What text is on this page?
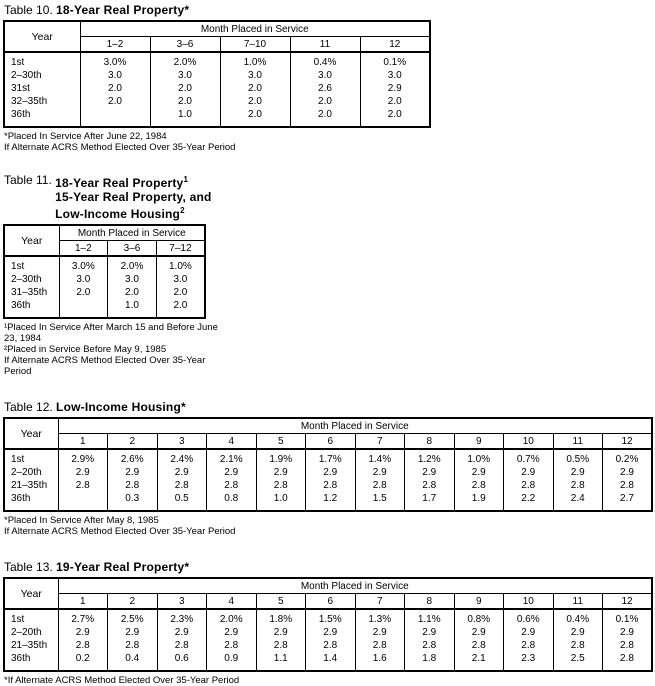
Table 10. 18-Year Real Property*
Year	Month Placed in Service				
	1–2	3–6	7–10	11	12
1st	3.0%	2.0%	1.0%	0.4%	0.1%
2–30th	3.0	3.0	3.0	3.0	3.0
31st	2.0	2.0	2.0	2.6	2.9
32–35th	2.0	2.0	2.0	2.0	2.0
36th		1.0	2.0	2.0	2.0
*Placed In Service After June 22, 1984
If Alternate ACRS Method Elected Over 35-Year Period
Table 11. 18-Year Real Property$^1$
15-Year Real Property, and
Low-Income Housing$^2$
Year	Month Placed in Service		
	1–2	3–6	7–12
1st	3.0%	2.0%	1.0%
2–30th	3.0	3.0	3.0
31–35th	2.0	2.0	2.0
36th		1.0	2.0
¹Placed In Service After March 15 and Before June 23, 1984
²Placed in Service Before May 9, 1985
If Alternate ACRS Method Elected Over 35-Year Period
Table 12. Low-Income Housing*
Year	Month Placed in Service											
	1	2	3	4	5	6	7	8	9	10	11	12
1st	2.9%	2.6%	2.4%	2.1%	1.9%	1.7%	1.4%	1.2%	1.0%	0.7%	0.5%	0.2%
2–20th	2.9	2.9	2.9	2.9	2.9	2.9	2.9	2.9	2.9	2.9	2.9	2.9
21–35th	2.8	2.8	2.8	2.8	2.8	2.8	2.8	2.8	2.8	2.8	2.8	2.8
36th		0.3	0.5	0.8	1.0	1.2	1.5	1.7	1.9	2.2	2.4	2.7
*Placed In Service After May 8, 1985
If Alternate ACRS Method Elected Over 35-Year Period
Table 13. 19-Year Real Property*
Year	Month Placed in Service											
	1	2	3	4	5	6	7	8	9	10	11	12
1st	2.7%	2.5%	2.3%	2.0%	1.8%	1.5%	1.3%	1.1%	0.8%	0.6%	0.4%	0.1%
2–20th	2.9	2.9	2.9	2.9	2.9	2.9	2.9	2.9	2.9	2.9	2.9	2.9
21–35th	2.8	2.8	2.8	2.8	2.8	2.8	2.8	2.8	2.8	2.8	2.8	2.8
36th	0.2	0.4	0.6	0.9	1.1	1.4	1.6	1.8	2.1	2.3	2.5	2.8
*If Alternate ACRS Method Elected Over 35-Year Period
